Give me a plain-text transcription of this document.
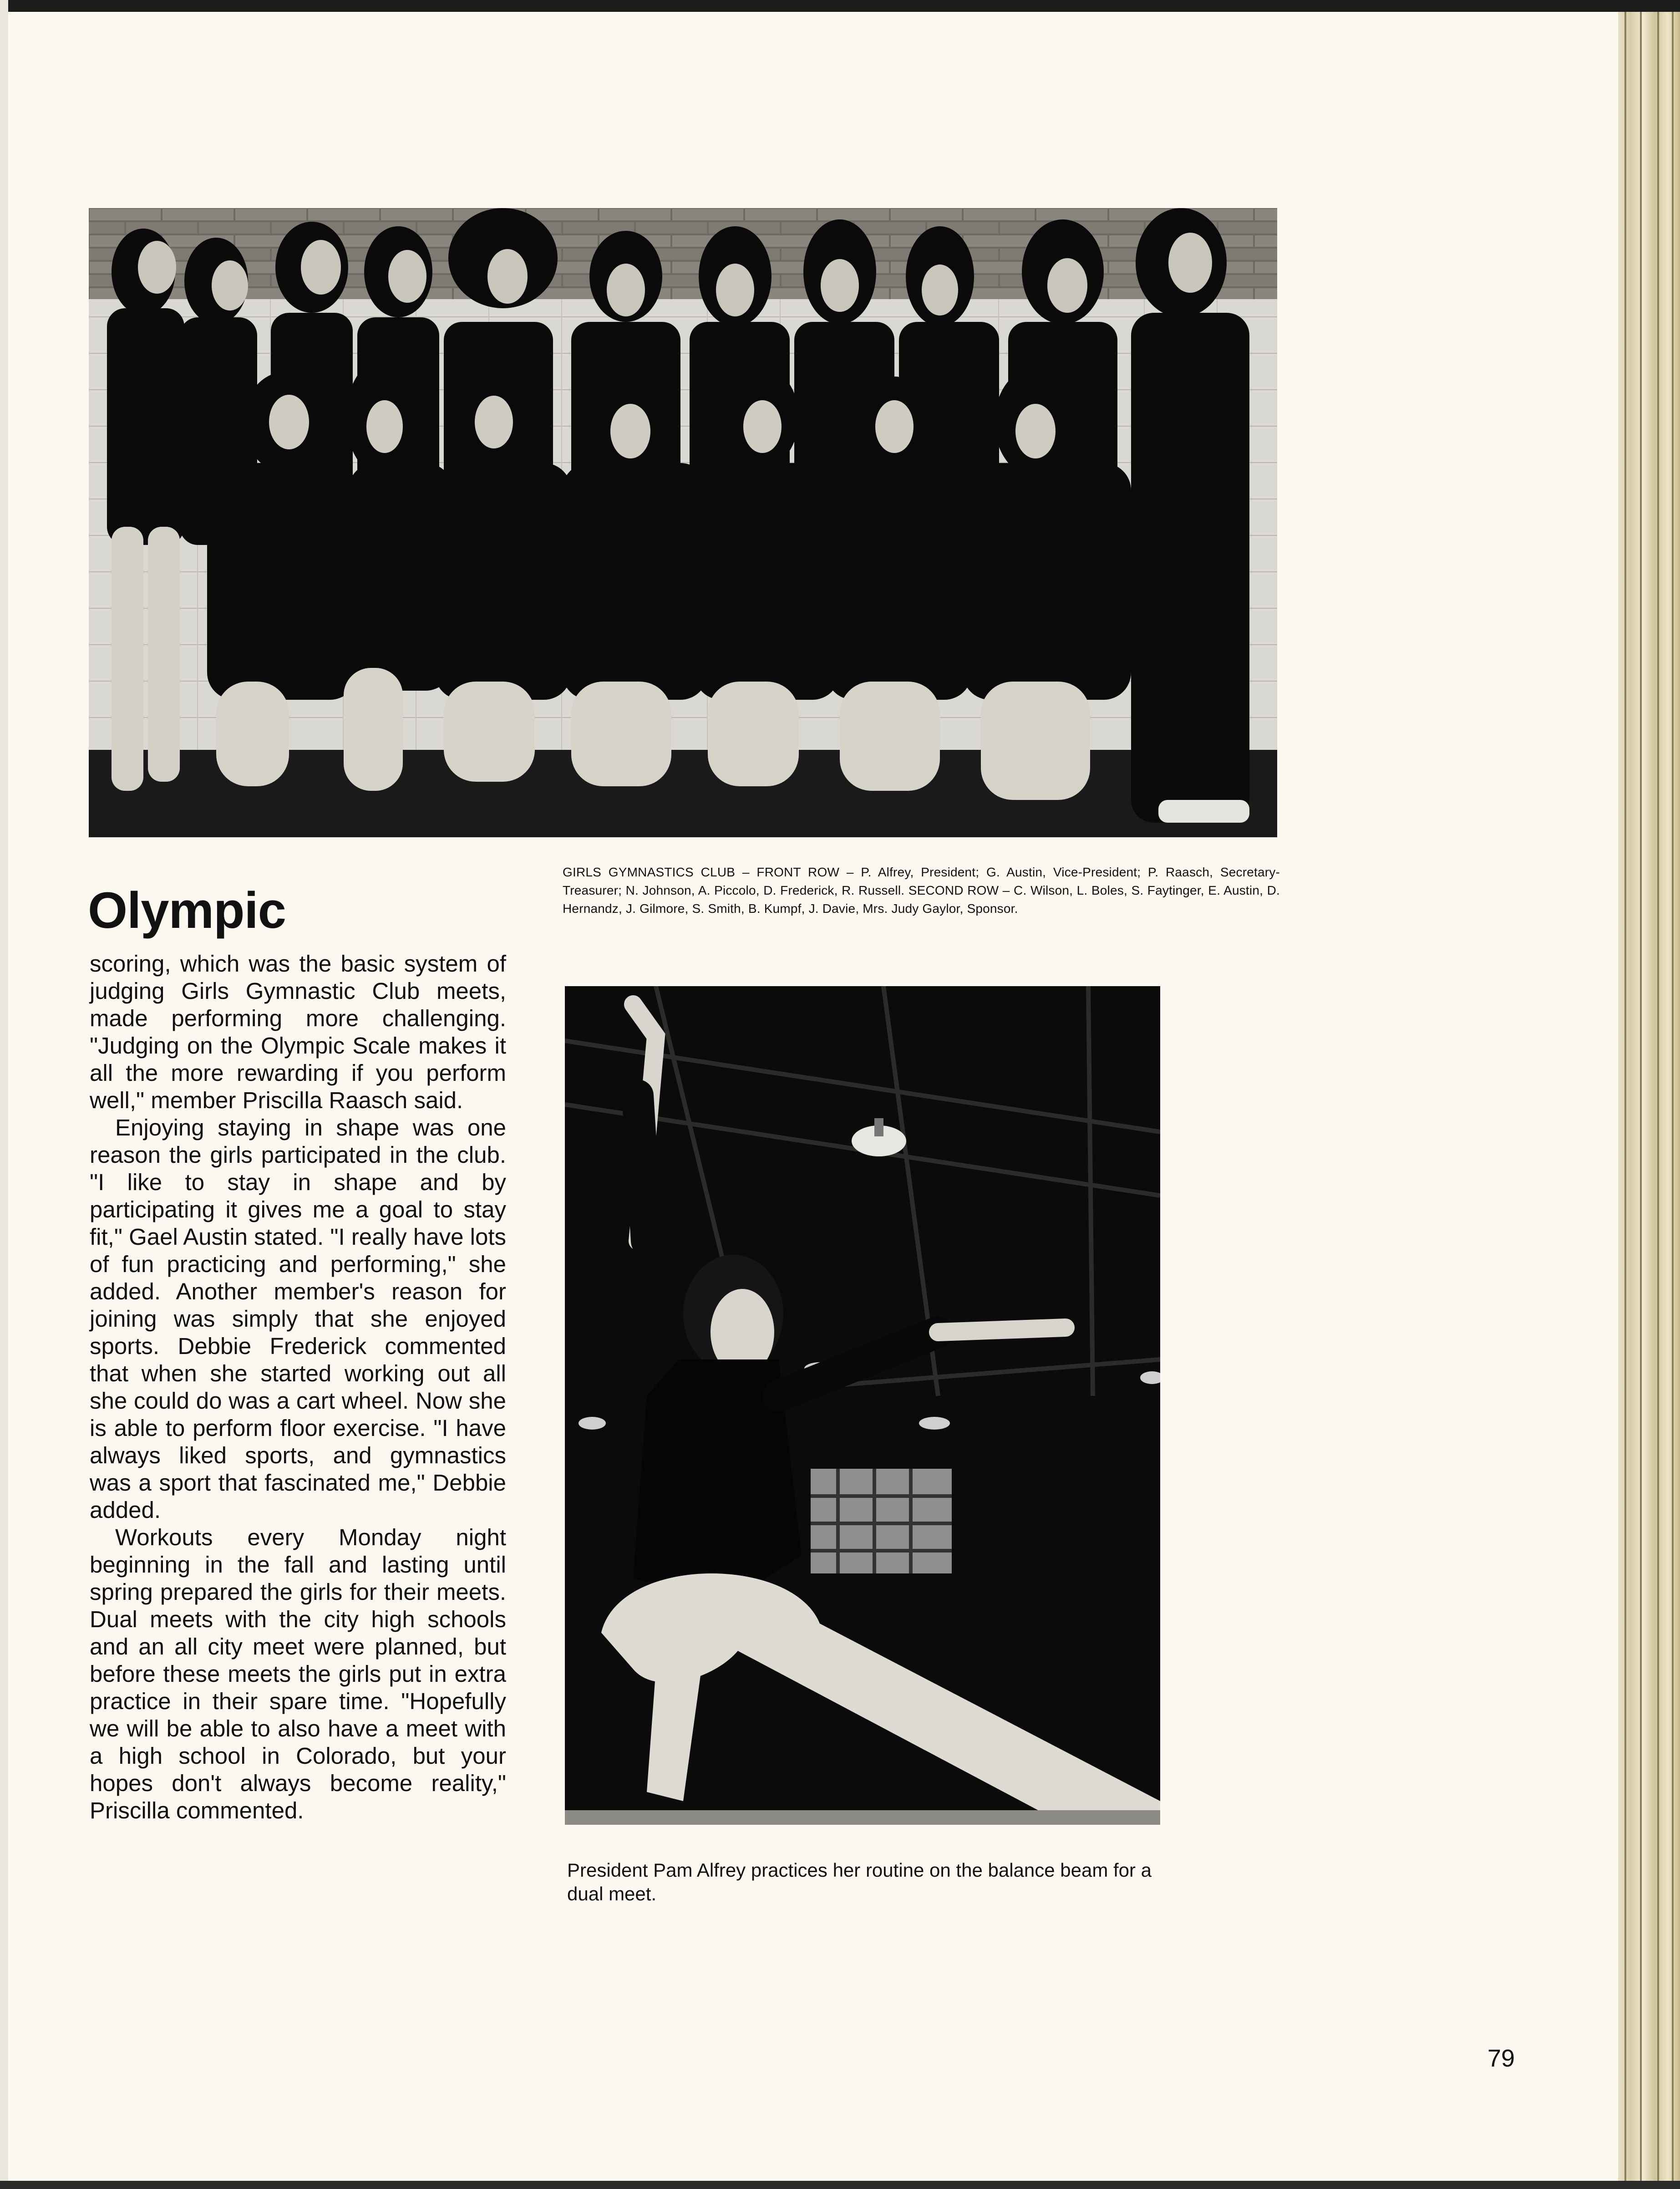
GIRLS GYMNASTICS CLUB – FRONT ROW – P. Alfrey, President; G. Austin, Vice-President; P. Raasch, Secretary-Treasurer; N. Johnson, A. Piccolo, D. Frederick, R. Russell. SECOND ROW – C. Wilson, L. Boles, S. Faytinger, E. Austin, D. Hernandz, J. Gilmore, S. Smith, B. Kumpf, J. Davie, Mrs. Judy Gaylor, Sponsor.
Olympic

scoring, which was the basic system of judging Girls Gymnastic Club meets, made performing more challenging. "Judging on the Olympic Scale makes it all the more rewarding if you perform well," member Priscilla Raasch said.

Enjoying staying in shape was one reason the girls participated in the club. "I like to stay in shape and by participating it gives me a goal to stay fit," Gael Austin stated. "I really have lots of fun practicing and performing," she added. Another member's reason for joining was simply that she enjoyed sports. Debbie Frederick commented that when she started working out all she could do was a cart wheel. Now she is able to perform floor exercise. "I have always liked sports, and gymnastics was a sport that fascinated me," Debbie added.

Workouts every Monday night beginning in the fall and lasting until spring prepared the girls for their meets. Dual meets with the city high schools and an all city meet were planned, but before these meets the girls put in extra practice in their spare time. "Hopefully we will be able to also have a meet with a high school in Colorado, but your hopes don't always become reality," Priscilla commented.

President Pam Alfrey practices her routine on the balance beam for a dual meet.
79
